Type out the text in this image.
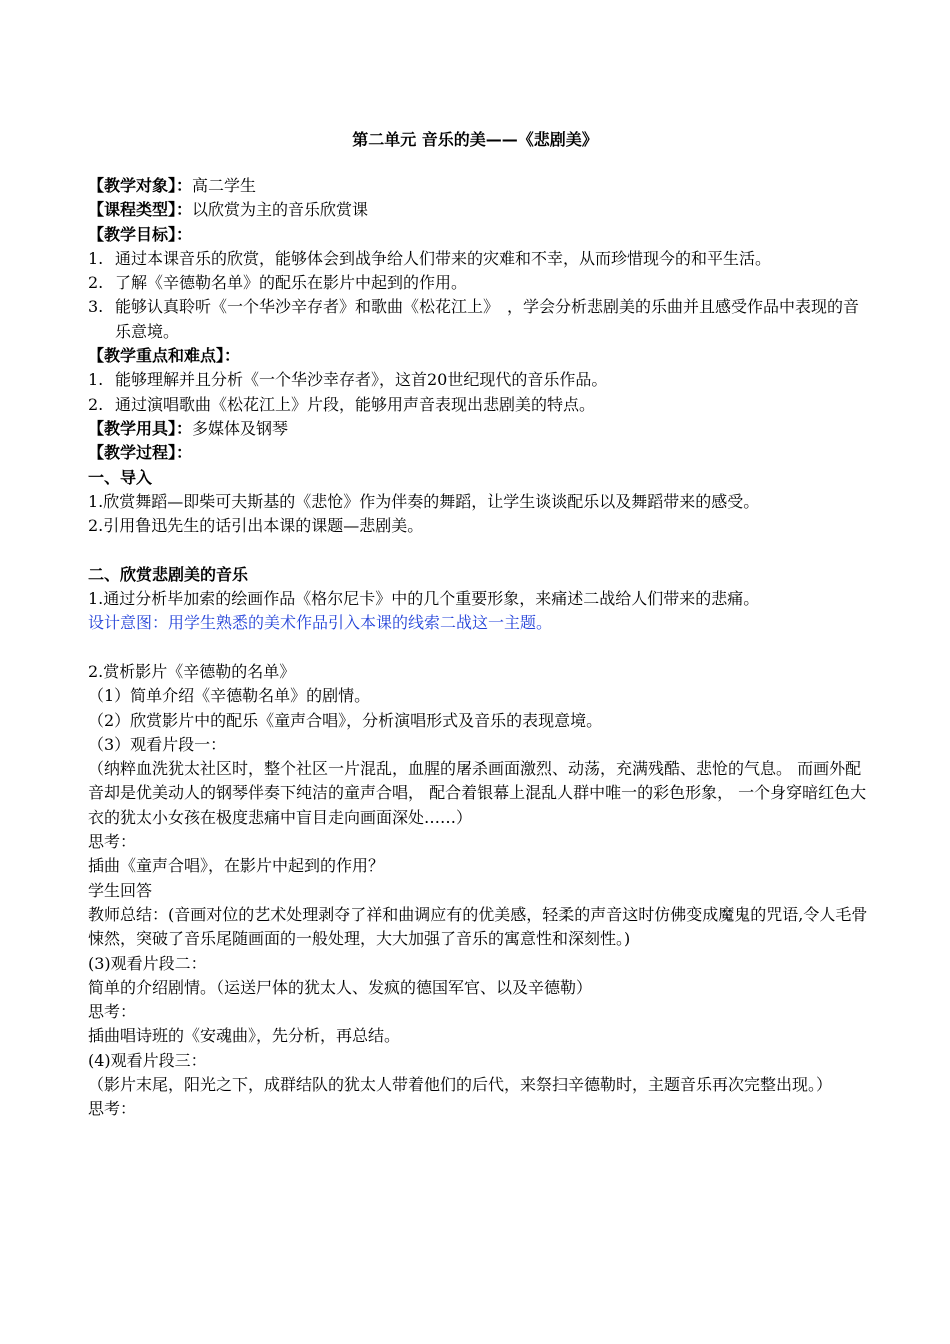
第二单元 音乐的美——《悲剧美》

【教学对象】：高二学生

【课程类型】：以欣赏为主的音乐欣赏课

【教学目标】：

1. 通过本课音乐的欣赏，能够体会到战争给人们带来的灾难和不幸，从而珍惜现今的和平生活。
2. 了解《辛德勒名单》的配乐在影片中起到的作用。
3. 能够认真聆听《一个华沙辛存者》和歌曲《松花江上》　，学会分析悲剧美的乐曲并且感受作品中表现的音乐意境。

【教学重点和难点】：

1. 能够理解并且分析《一个华沙幸存者》，这首20世纪现代的音乐作品。
2. 通过演唱歌曲《松花江上》片段，能够用声音表现出悲剧美的特点。

【教学用具】：多媒体及钢琴

【教学过程】：

一、导入

1.欣赏舞蹈—即柴可夫斯基的《悲怆》作为伴奏的舞蹈，让学生谈谈配乐以及舞蹈带来的感受。

2.引用鲁迅先生的话引出本课的课题—悲剧美。

二、欣赏悲剧美的音乐

1.通过分析毕加索的绘画作品《格尔尼卡》中的几个重要形象，来痛述二战给人们带来的悲痛。

设计意图：用学生熟悉的美术作品引入本课的线索二战这一主题。

2.赏析影片《辛德勒的名单》

（1）简单介绍《辛德勒名单》的剧情。

（2）欣赏影片中的配乐《童声合唱》，分析演唱形式及音乐的表现意境。

（3）观看片段一：

（纳粹血洗犹太社区时，整个社区一片混乱，血腥的屠杀画面激烈、动荡，充满残酷、悲怆的气息。 而画外配音却是优美动人的钢琴伴奏下纯洁的童声合唱， 配合着银幕上混乱人群中唯一的彩色形象， 一个身穿暗红色大衣的犹太小女孩在极度悲痛中盲目走向画面深处……）

思考：

插曲《童声合唱》，在影片中起到的作用？

学生回答

教师总结：(音画对位的艺术处理剥夺了祥和曲调应有的优美感，轻柔的声音这时仿佛变成魔鬼的咒语,令人毛骨悚然，突破了音乐尾随画面的一般处理，大大加强了音乐的寓意性和深刻性。)

(3)观看片段二：

简单的介绍剧情。（运送尸体的犹太人、发疯的德国军官、以及辛德勒）

思考：

插曲唱诗班的《安魂曲》，先分析，再总结。

(4)观看片段三：

（影片末尾，阳光之下，成群结队的犹太人带着他们的后代，来祭扫辛德勒时，主题音乐再次完整出现。）

思考：
